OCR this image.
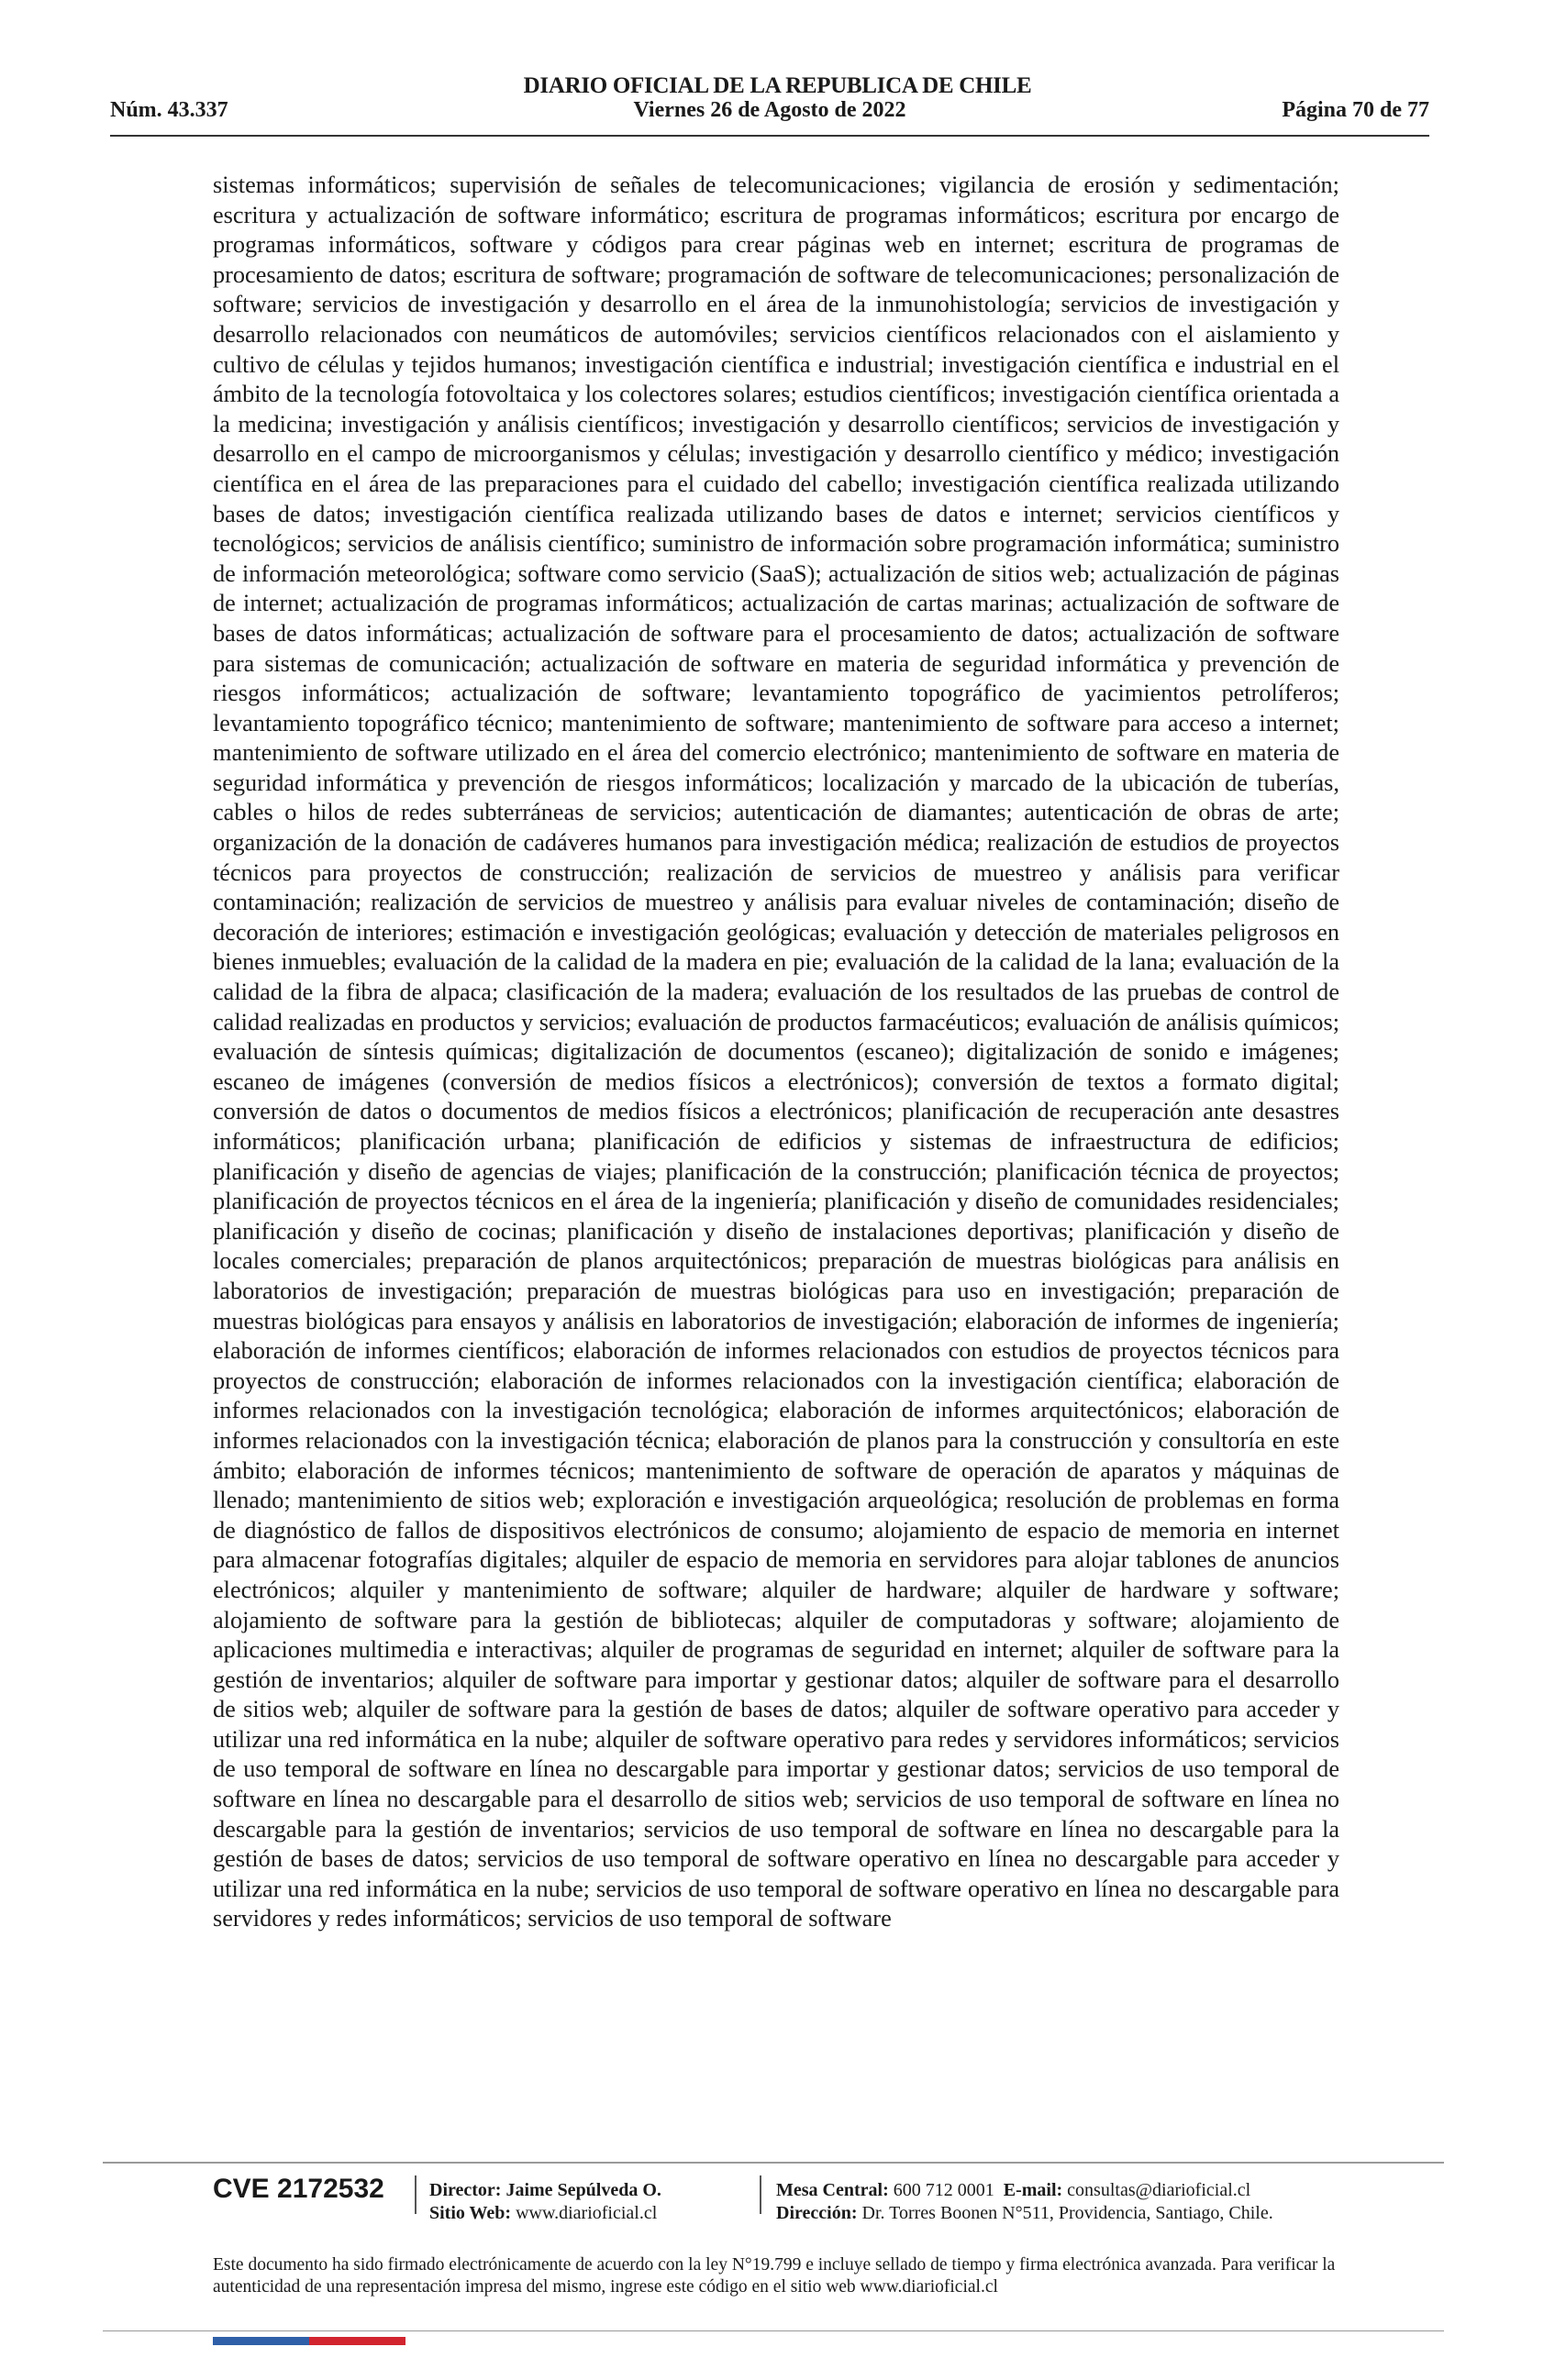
DIARIO OFICIAL DE LA REPUBLICA DE CHILE
Núm. 43.337	Viernes 26 de Agosto de 2022	Página 70 de 77
sistemas informáticos; supervisión de señales de telecomunicaciones; vigilancia de erosión y sedimentación; escritura y actualización de software informático; escritura de programas informáticos; escritura por encargo de programas informáticos, software y códigos para crear páginas web en internet; escritura de programas de procesamiento de datos; escritura de software; programación de software de telecomunicaciones; personalización de software; servicios de investigación y desarrollo en el área de la inmunohistología; servicios de investigación y desarrollo relacionados con neumáticos de automóviles; servicios científicos relacionados con el aislamiento y cultivo de células y tejidos humanos; investigación científica e industrial; investigación científica e industrial en el ámbito de la tecnología fotovoltaica y los colectores solares; estudios científicos; investigación científica orientada a la medicina; investigación y análisis científicos; investigación y desarrollo científicos; servicios de investigación y desarrollo en el campo de microorganismos y células; investigación y desarrollo científico y médico; investigación científica en el área de las preparaciones para el cuidado del cabello; investigación científica realizada utilizando bases de datos; investigación científica realizada utilizando bases de datos e internet; servicios científicos y tecnológicos; servicios de análisis científico; suministro de información sobre programación informática; suministro de información meteorológica; software como servicio (SaaS); actualización de sitios web; actualización de páginas de internet; actualización de programas informáticos; actualización de cartas marinas; actualización de software de bases de datos informáticas; actualización de software para el procesamiento de datos; actualización de software para sistemas de comunicación; actualización de software en materia de seguridad informática y prevención de riesgos informáticos; actualización de software; levantamiento topográfico de yacimientos petrolíferos; levantamiento topográfico técnico; mantenimiento de software; mantenimiento de software para acceso a internet; mantenimiento de software utilizado en el área del comercio electrónico; mantenimiento de software en materia de seguridad informática y prevención de riesgos informáticos; localización y marcado de la ubicación de tuberías, cables o hilos de redes subterráneas de servicios; autenticación de diamantes; autenticación de obras de arte; organización de la donación de cadáveres humanos para investigación médica; realización de estudios de proyectos técnicos para proyectos de construcción; realización de servicios de muestreo y análisis para verificar contaminación; realización de servicios de muestreo y análisis para evaluar niveles de contaminación; diseño de decoración de interiores; estimación e investigación geológicas; evaluación y detección de materiales peligrosos en bienes inmuebles; evaluación de la calidad de la madera en pie; evaluación de la calidad de la lana; evaluación de la calidad de la fibra de alpaca; clasificación de la madera; evaluación de los resultados de las pruebas de control de calidad realizadas en productos y servicios; evaluación de productos farmacéuticos; evaluación de análisis químicos; evaluación de síntesis químicas; digitalización de documentos (escaneo); digitalización de sonido e imágenes; escaneo de imágenes (conversión de medios físicos a electrónicos); conversión de textos a formato digital; conversión de datos o documentos de medios físicos a electrónicos; planificación de recuperación ante desastres informáticos; planificación urbana; planificación de edificios y sistemas de infraestructura de edificios; planificación y diseño de agencias de viajes; planificación de la construcción; planificación técnica de proyectos; planificación de proyectos técnicos en el área de la ingeniería; planificación y diseño de comunidades residenciales; planificación y diseño de cocinas; planificación y diseño de instalaciones deportivas; planificación y diseño de locales comerciales; preparación de planos arquitectónicos; preparación de muestras biológicas para análisis en laboratorios de investigación; preparación de muestras biológicas para uso en investigación; preparación de muestras biológicas para ensayos y análisis en laboratorios de investigación; elaboración de informes de ingeniería; elaboración de informes científicos; elaboración de informes relacionados con estudios de proyectos técnicos para proyectos de construcción; elaboración de informes relacionados con la investigación científica; elaboración de informes relacionados con la investigación tecnológica; elaboración de informes arquitectónicos; elaboración de informes relacionados con la investigación técnica; elaboración de planos para la construcción y consultoría en este ámbito; elaboración de informes técnicos; mantenimiento de software de operación de aparatos y máquinas de llenado; mantenimiento de sitios web; exploración e investigación arqueológica; resolución de problemas en forma de diagnóstico de fallos de dispositivos electrónicos de consumo; alojamiento de espacio de memoria en internet para almacenar fotografías digitales; alquiler de espacio de memoria en servidores para alojar tablones de anuncios electrónicos; alquiler y mantenimiento de software; alquiler de hardware; alquiler de hardware y software; alojamiento de software para la gestión de bibliotecas; alquiler de computadoras y software; alojamiento de aplicaciones multimedia e interactivas; alquiler de programas de seguridad en internet; alquiler de software para la gestión de inventarios; alquiler de software para importar y gestionar datos; alquiler de software para el desarrollo de sitios web; alquiler de software para la gestión de bases de datos; alquiler de software operativo para acceder y utilizar una red informática en la nube; alquiler de software operativo para redes y servidores informáticos; servicios de uso temporal de software en línea no descargable para importar y gestionar datos; servicios de uso temporal de software en línea no descargable para el desarrollo de sitios web; servicios de uso temporal de software en línea no descargable para la gestión de inventarios; servicios de uso temporal de software en línea no descargable para la gestión de bases de datos; servicios de uso temporal de software operativo en línea no descargable para acceder y utilizar una red informática en la nube; servicios de uso temporal de software operativo en línea no descargable para servidores y redes informáticos; servicios de uso temporal de software
CVE 2172532 Director: Jaime Sepúlveda O.
Sitio Web: www.diarioficial.cl
Mesa Central: 600 712 0001 E-mail: consultas@diarioficial.cl
Dirección: Dr. Torres Boonen N°511, Providencia, Santiago, Chile.
Este documento ha sido firmado electrónicamente de acuerdo con la ley N°19.799 e incluye sellado de tiempo y firma electrónica avanzada. Para verificar la autenticidad de una representación impresa del mismo, ingrese este código en el sitio web www.diarioficial.cl
